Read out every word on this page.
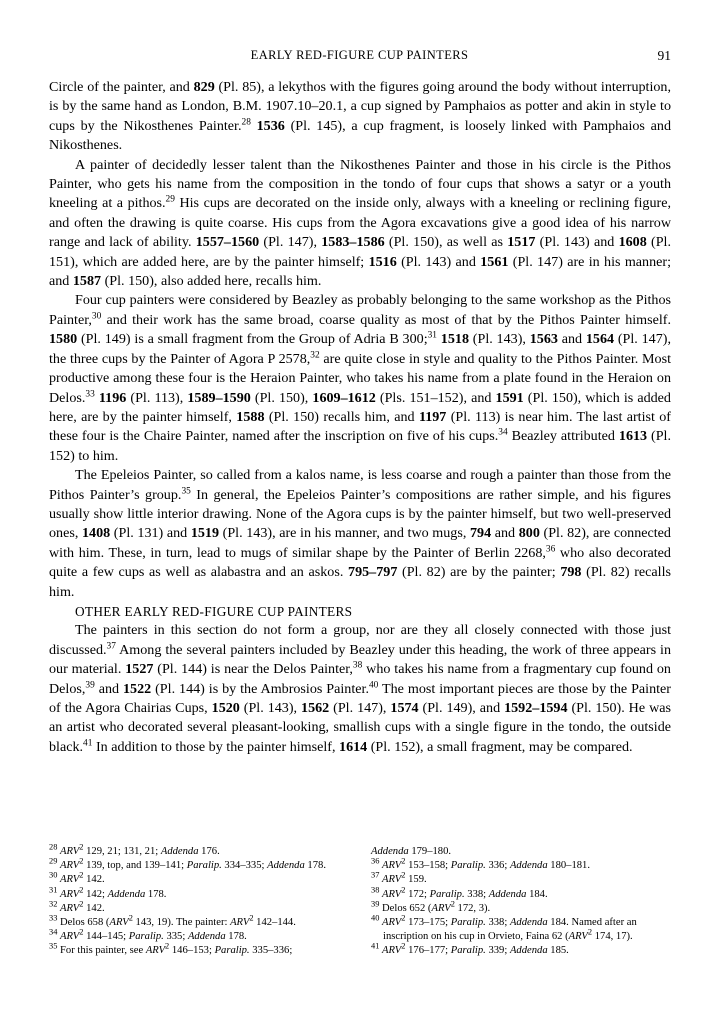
EARLY RED-FIGURE CUP PAINTERS	91

Circle of the painter, and 829 (Pl. 85), a lekythos with the figures going around the body without interruption, is by the same hand as London, B.M. 1907.10–20.1, a cup signed by Pamphaios as potter and akin in style to cups by the Nikosthenes Painter.$^{28}$ 1536 (Pl. 145), a cup fragment, is loosely linked with Pamphaios and Nikosthenes.

A painter of decidedly lesser talent than the Nikosthenes Painter and those in his circle is the Pithos Painter, who gets his name from the composition in the tondo of four cups that shows a satyr or a youth kneeling at a pithos.$^{29}$ His cups are decorated on the inside only, always with a kneeling or reclining figure, and often the drawing is quite coarse. His cups from the Agora excavations give a good idea of his narrow range and lack of ability. 1557–1560 (Pl. 147), 1583–1586 (Pl. 150), as well as 1517 (Pl. 143) and 1608 (Pl. 151), which are added here, are by the painter himself; 1516 (Pl. 143) and 1561 (Pl. 147) are in his manner; and 1587 (Pl. 150), also added here, recalls him.

Four cup painters were considered by Beazley as probably belonging to the same workshop as the Pithos Painter,$^{30}$ and their work has the same broad, coarse quality as most of that by the Pithos Painter himself. 1580 (Pl. 149) is a small fragment from the Group of Adria B 300;$^{31}$ 1518 (Pl. 143), 1563 and 1564 (Pl. 147), the three cups by the Painter of Agora P 2578,32 are quite close in style and quality to the Pithos Painter. Most productive among these four is the Heraion Painter, who takes his name from a plate found in the Heraion on Delos.$^{33}$ 1196 (Pl. 113), 1589–1590 (Pl. 150), 1609–1612 (Pls. 151–152), and 1591 (Pl. 150), which is added here, are by the painter himself, 1588 (Pl. 150) recalls him, and 1197 (Pl. 113) is near him. The last artist of these four is the Chaire Painter, named after the inscription on five of his cups.$^{34}$ Beazley attributed 1613 (Pl. 152) to him.

The Epeleios Painter, so called from a kalos name, is less coarse and rough a painter than those from the Pithos Painter’s group.$^{35}$ In general, the Epeleios Painter’s compositions are rather simple, and his figures usually show little interior drawing. None of the Agora cups is by the painter himself, but two well-preserved ones, 1408 (Pl. 131) and 1519 (Pl. 143), are in his manner, and two mugs, 794 and 800 (Pl. 82), are connected with him. These, in turn, lead to mugs of similar shape by the Painter of Berlin 2268,36 who also decorated quite a few cups as well as alabastra and an askos. 795–797 (Pl. 82) are by the painter; 798 (Pl. 82) recalls him.

OTHER EARLY RED-FIGURE CUP PAINTERS

The painters in this section do not form a group, nor are they all closely connected with those just discussed.$^{37}$ Among the several painters included by Beazley under this heading, the work of three appears in our material. 1527 (Pl. 144) is near the Delos Painter,$^{38}$ who takes his name from a fragmentary cup found on Delos,$^{39}$ and 1522 (Pl. 144) is by the Ambrosios Painter.$^{40}$ The most important pieces are those by the Painter of the Agora Chairias Cups, 1520 (Pl. 143), 1562 (Pl. 147), 1574 (Pl. 149), and 1592–1594 (Pl. 150). He was an artist who decorated several pleasant-looking, smallish cups with a single figure in the tondo, the outside black.$^{41}$ In addition to those by the painter himself, 1614 (Pl. 152), a small fragment, may be compared.

$^{28}$ ARV$^2$ 129, 21; 131, 21; Addenda 176.

$^{29}$ ARV$^2$ 139, top, and 139–141; Paralip. 334–335; Addenda 178.

$^{30}$ ARV$^2$ 142.

$^{31}$ ARV$^2$ 142; Addenda 178.

$^{32}$ ARV$^2$ 142.

$^{33}$ Delos 658 (ARV$^2$ 143, 19). The painter: ARV$^2$ 142–144.

$^{34}$ ARV$^2$ 144–145; Paralip. 335; Addenda 178.

$^{35}$ For this painter, see ARV$^2$ 146–153; Paralip. 335–336;

Addenda 179–180.

$^{36}$ ARV$^2$ 153–158; Paralip. 336; Addenda 180–181.

$^{37}$ ARV$^2$ 159.

$^{38}$ ARV$^2$ 172; Paralip. 338; Addenda 184.

$^{39}$ Delos 652 (ARV$^2$ 172, 3).

$^{40}$ ARV$^2$ 173–175; Paralip. 338; Addenda 184. Named after an inscription on his cup in Orvieto, Faina 62 (ARV$^2$ 174, 17).

$^{41}$ ARV$^2$ 176–177; Paralip. 339; Addenda 185.
